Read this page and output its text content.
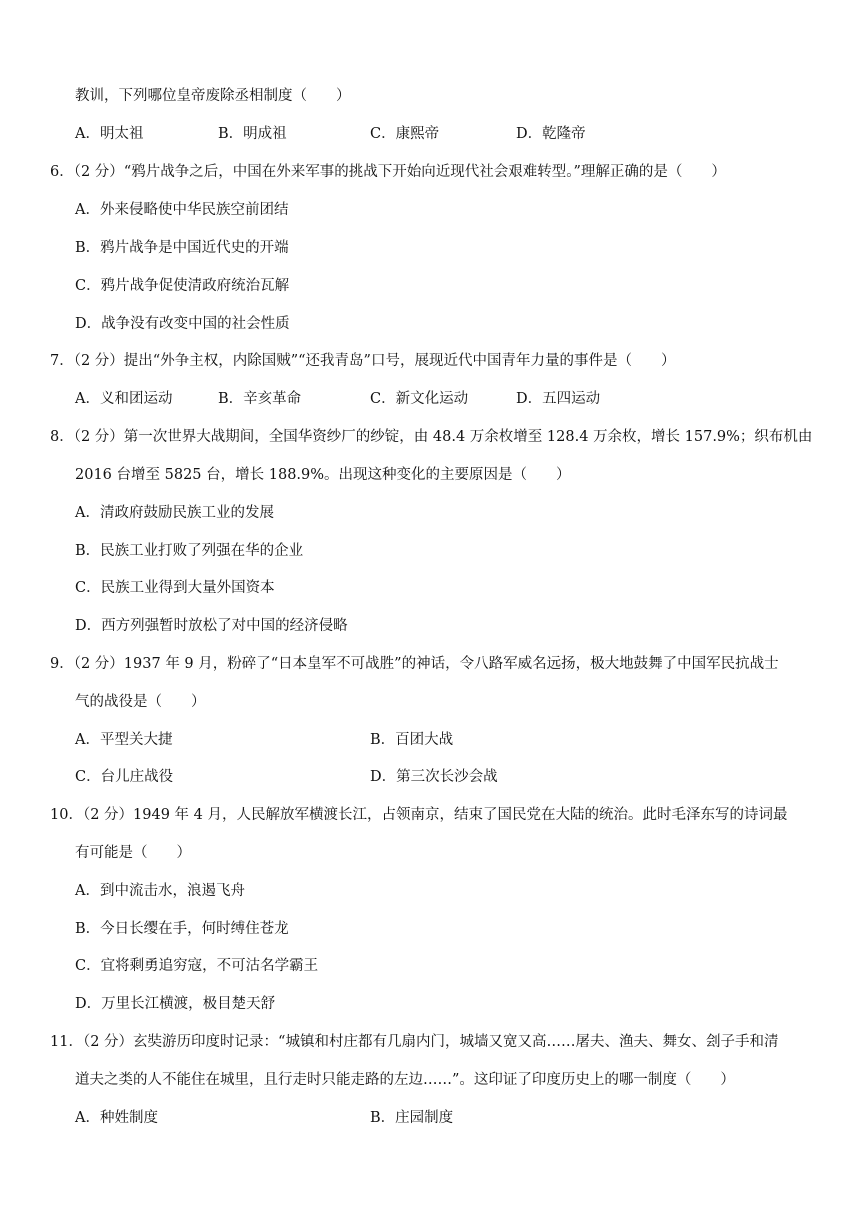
教训，下列哪位皇帝废除丞相制度（　　）
A．明太祖	B．明成祖	C．康熙帝	D．乾隆帝
6．（2 分）“鸦片战争之后，中国在外来军事的挑战下开始向近现代社会艰难转型。”理解正确的是（　　）
A．外来侵略使中华民族空前团结
B．鸦片战争是中国近代史的开端
C．鸦片战争促使清政府统治瓦解
D．战争没有改变中国的社会性质
7．（2 分）提出“外争主权，内除国贼”“还我青岛”口号，展现近代中国青年力量的事件是（　　）
A．义和团运动	B．辛亥革命	C．新文化运动	D．五四运动
8．（2 分）第一次世界大战期间，全国华资纱厂的纱锭，由 48.4 万余枚增至 128.4 万余枚，增长 157.9%；织布机由
2016 台增至 5825 台，增长 188.9%。出现这种变化的主要原因是（　　）
A．清政府鼓励民族工业的发展
B．民族工业打败了列强在华的企业
C．民族工业得到大量外国资本
D．西方列强暂时放松了对中国的经济侵略
9．（2 分）1937 年 9 月，粉碎了“日本皇军不可战胜”的神话，令八路军威名远扬，极大地鼓舞了中国军民抗战士
气的战役是（　　）
A．平型关大捷	B．百团大战
C．台儿庄战役	D．第三次长沙会战
10．（2 分）1949 年 4 月，人民解放军横渡长江，占领南京，结束了国民党在大陆的统治。此时毛泽东写的诗词最
有可能是（　　）
A．到中流击水，浪遏飞舟
B．今日长缨在手，何时缚住苍龙
C．宜将剩勇追穷寇，不可沽名学霸王
D．万里长江横渡，极目楚天舒
11．（2 分）玄奘游历印度时记录：“城镇和村庄都有几扇内门，城墙又宽又高……屠夫、渔夫、舞女、刽子手和清
道夫之类的人不能住在城里，且行走时只能走路的左边……”。这印证了印度历史上的哪一制度（　　）
A．种姓制度	B．庄园制度
